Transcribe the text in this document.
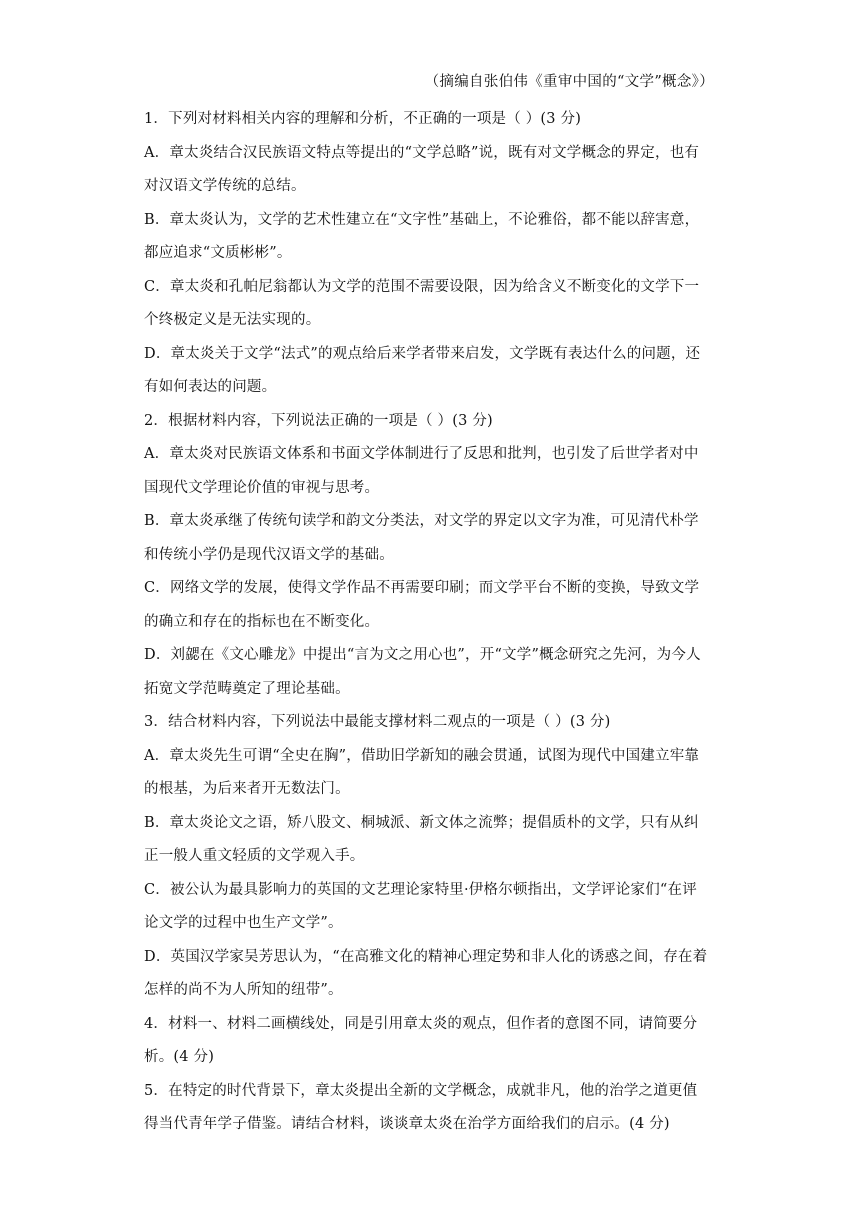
（摘编自张伯伟《重审中国的“文学”概念》）
1．下列对材料相关内容的理解和分析，不正确的一项是（ ）(3 分)
A．章太炎结合汉民族语文特点等提出的“文学总略”说，既有对文学概念的界定，也有
对汉语文学传统的总结。
B．章太炎认为，文学的艺术性建立在“文字性”基础上，不论雅俗，都不能以辞害意，
都应追求“文质彬彬”。
C．章太炎和孔帕尼翁都认为文学的范围不需要设限，因为给含义不断变化的文学下一
个终极定义是无法实现的。
D．章太炎关于文学“法式”的观点给后来学者带来启发，文学既有表达什么的问题，还
有如何表达的问题。
2．根据材料内容，下列说法正确的一项是（ ）(3 分)
A．章太炎对民族语文体系和书面文学体制进行了反思和批判，也引发了后世学者对中
国现代文学理论价值的审视与思考。
B．章太炎承继了传统句读学和韵文分类法，对文学的界定以文字为准，可见清代朴学
和传统小学仍是现代汉语文学的基础。
C．网络文学的发展，使得文学作品不再需要印刷；而文学平台不断的变换，导致文学
的确立和存在的指标也在不断变化。
D．刘勰在《文心雕龙》中提出“言为文之用心也”，开“文学”概念研究之先河，为今人
拓宽文学范畴奠定了理论基础。
3．结合材料内容，下列说法中最能支撑材料二观点的一项是（ ）(3 分)
A．章太炎先生可谓“全史在胸”，借助旧学新知的融会贯通，试图为现代中国建立牢靠
的根基，为后来者开无数法门。
B．章太炎论文之语，矫八股文、桐城派、新文体之流弊；提倡质朴的文学，只有从纠
正一般人重文轻质的文学观入手。
C．被公认为最具影响力的英国的文艺理论家特里·伊格尔顿指出，文学评论家们“在评
论文学的过程中也生产文学”。
D．英国汉学家吴芳思认为，“在高雅文化的精神心理定势和非人化的诱惑之间，存在着
怎样的尚不为人所知的纽带”。
4．材料一、材料二画横线处，同是引用章太炎的观点，但作者的意图不同，请简要分
析。(4 分)
5．在特定的时代背景下，章太炎提出全新的文学概念，成就非凡，他的治学之道更值
得当代青年学子借鉴。请结合材料，谈谈章太炎在治学方面给我们的启示。(4 分)
